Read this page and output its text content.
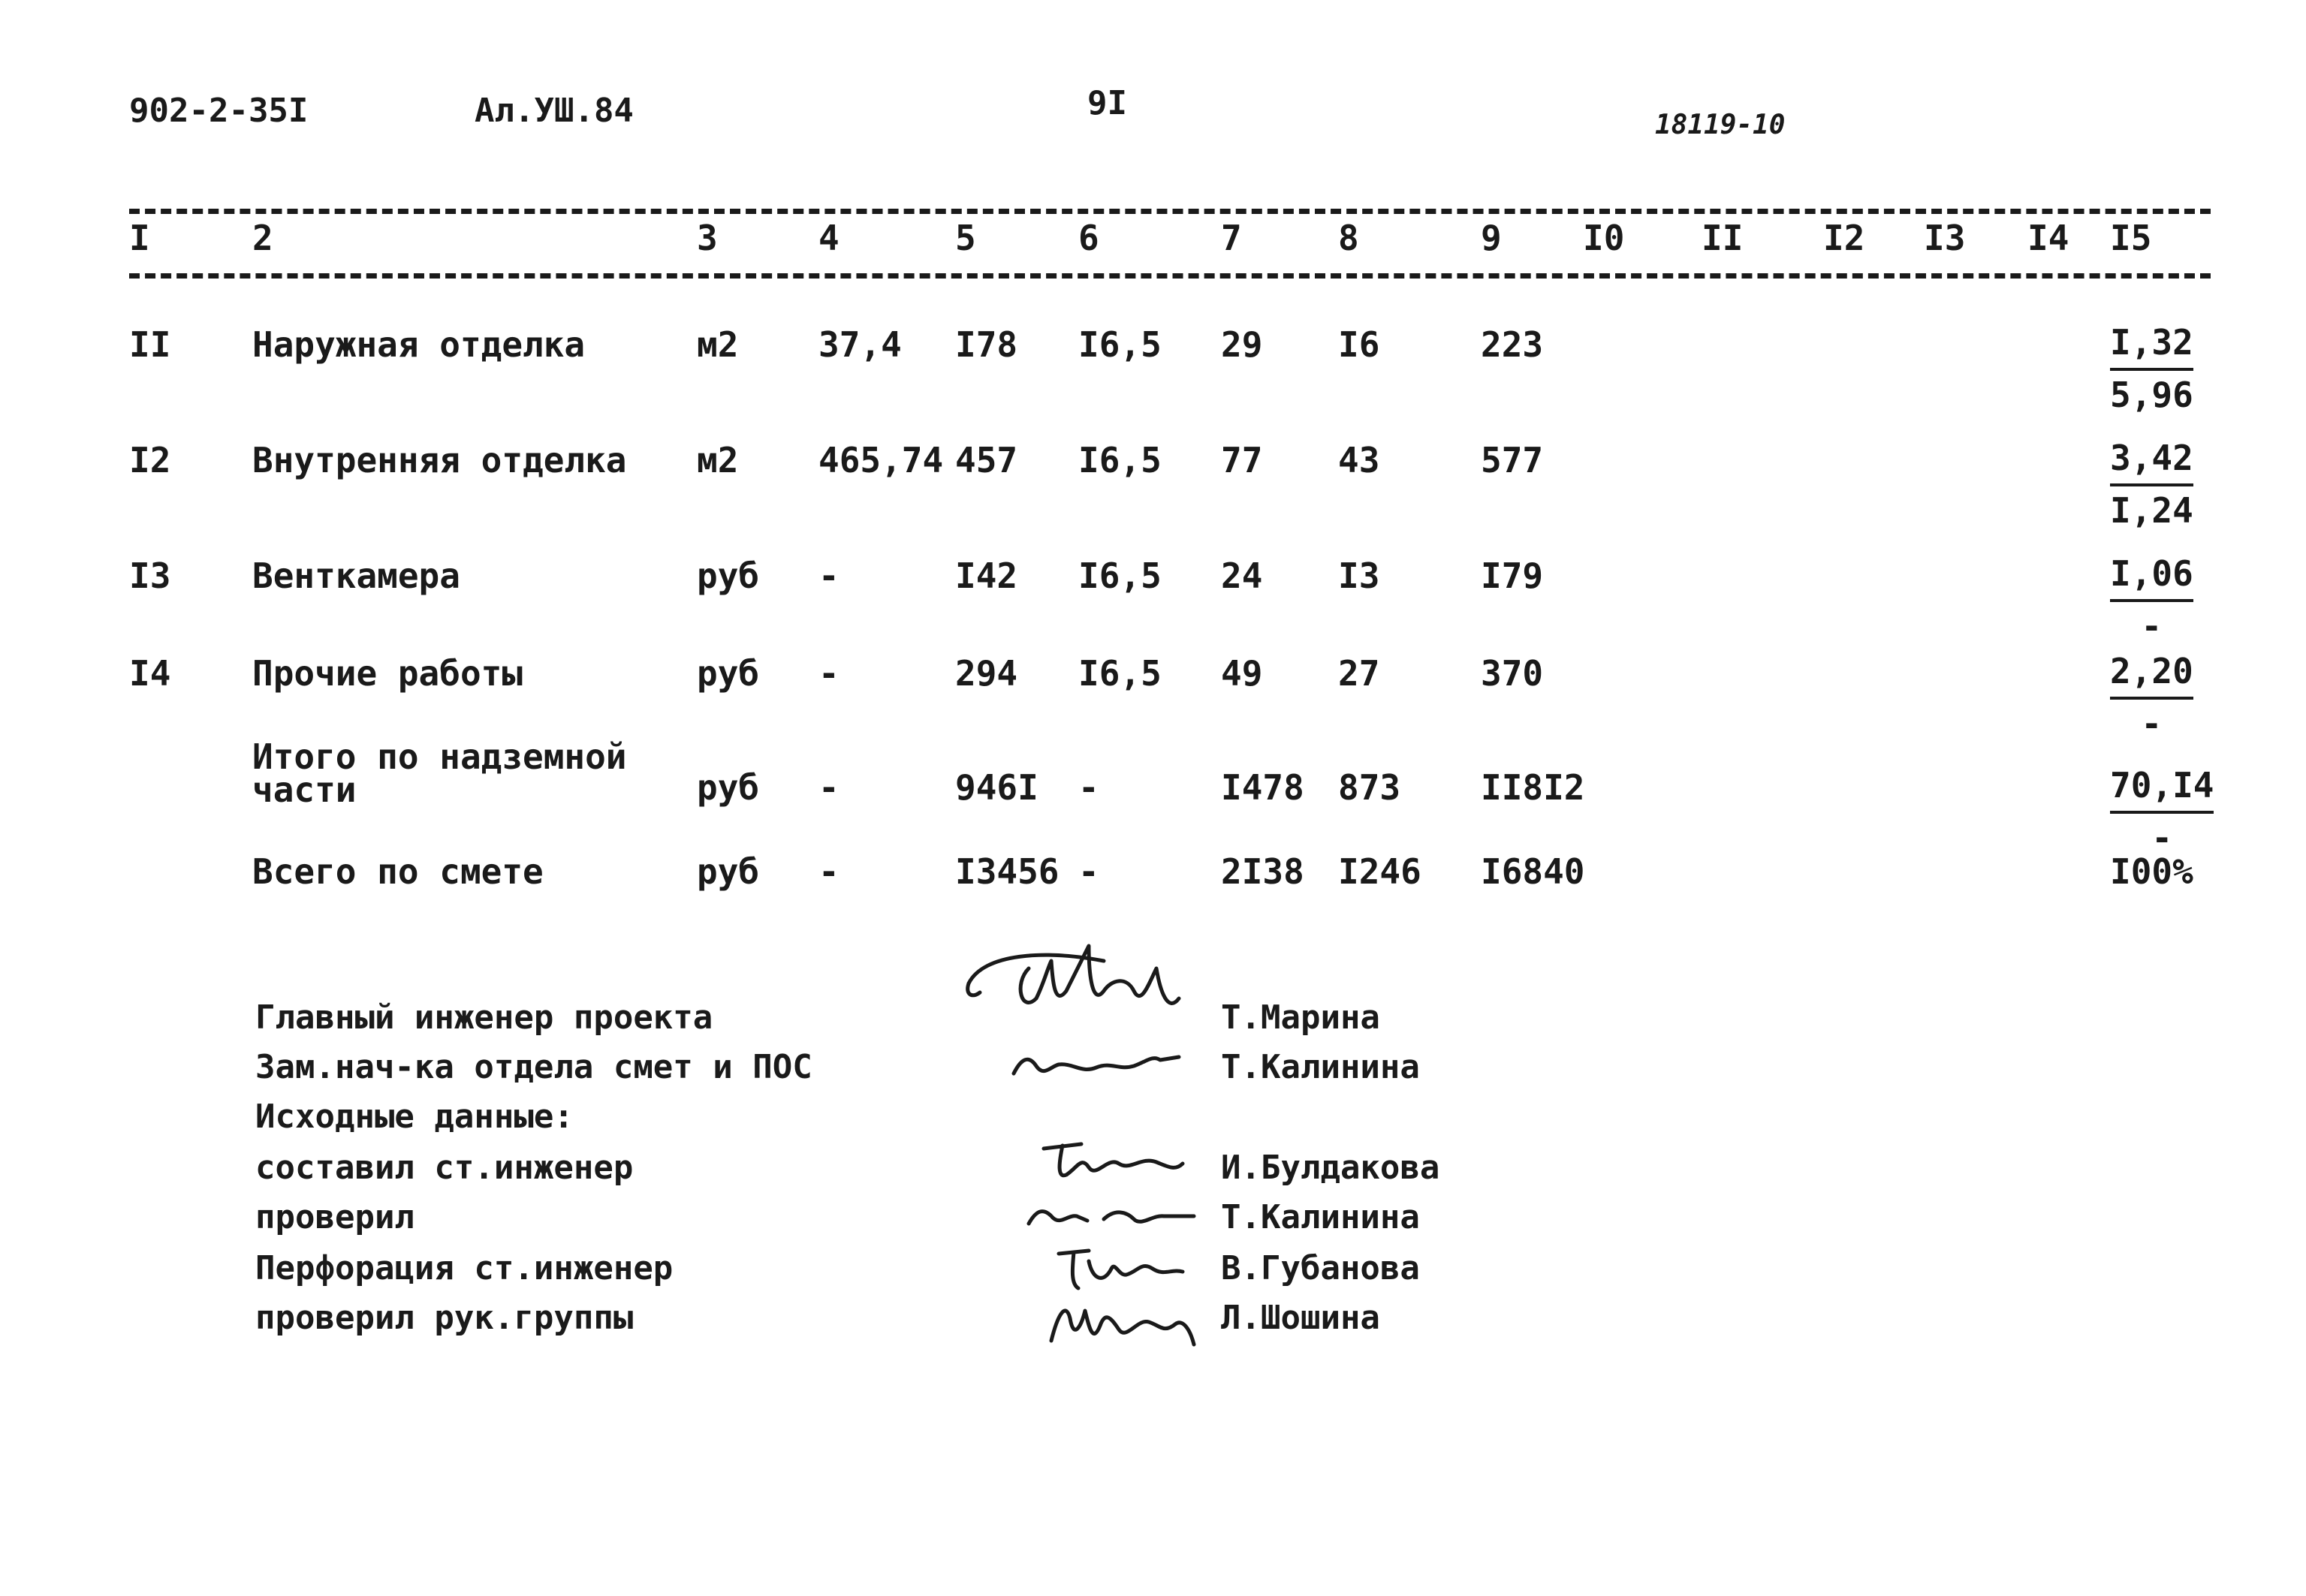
902-2-35I	Ал.УШ.84	9I
18119-10
I	2	3	4	5	6	7	8	9 I0 II I2 I3 I4 I5
II Наружная отделка	м2 37,4 I78 I6,5 29 I6	223	$\frac{I,32}{5,96}$
I2 Внутренняя отделка м2 465,74 457 I6,5 77 43	577	$\frac{3,42}{I,24}$
I3 Венткамера	руб -	I42 I6,5 24 I3	I79	I,06
-
I4 Прочие работы	руб -	294 I6,5 49 27	370	2,20
-
Итого по надземной
части	руб -	946I -	I478 873 II8I2	70,I4
-
Всего по смете	руб -	I3456 -	2I38 I246 I6840	I00%
Главный инженер проекта	Т.Марина
Зам.нач-ка отдела смет и ПОС	Т.Калинина
Исходные данные:
составил ст.инженер	И.Булдакова
проверил	Т.Калинина
Перфорация ст.инженер	В.Губанова
проверил рук.группы	Л.Шошина
